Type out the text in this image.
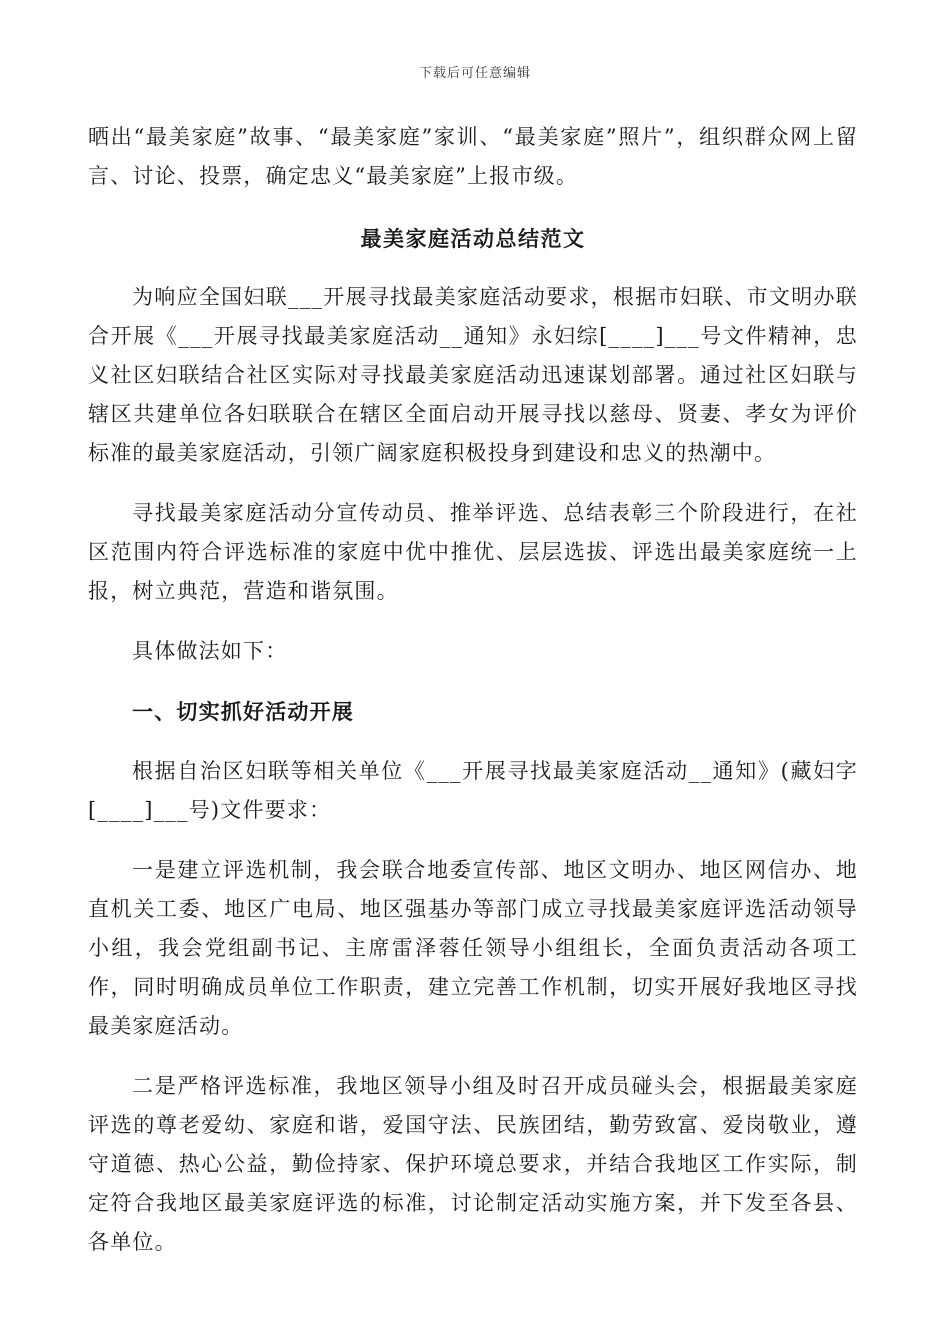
下载后可任意编辑

晒出“最美家庭”故事、“最美家庭”家训、“最美家庭”照片”，组织群众网上留言、讨论、投票，确定忠义“最美家庭”上报市级。

最美家庭活动总结范文

为响应全国妇联___开展寻找最美家庭活动要求，根据市妇联、市文明办联合开展《___开展寻找最美家庭活动__通知》永妇综[____]___号文件精神，忠义社区妇联结合社区实际对寻找最美家庭活动迅速谋划部署。通过社区妇联与辖区共建单位各妇联联合在辖区全面启动开展寻找以慈母、贤妻、孝女为评价标准的最美家庭活动，引领广阔家庭积极投身到建设和忠义的热潮中。

寻找最美家庭活动分宣传动员、推举评选、总结表彰三个阶段进行，在社区范围内符合评选标准的家庭中优中推优、层层选拔、评选出最美家庭统一上报，树立典范，营造和谐氛围。

具体做法如下：

一、切实抓好活动开展

根据自治区妇联等相关单位《___开展寻找最美家庭活动__通知》(藏妇字[____]___号)文件要求：

一是建立评选机制，我会联合地委宣传部、地区文明办、地区网信办、地直机关工委、地区广电局、地区强基办等部门成立寻找最美家庭评选活动领导小组，我会党组副书记、主席雷泽蓉任领导小组组长，全面负责活动各项工作，同时明确成员单位工作职责，建立完善工作机制，切实开展好我地区寻找最美家庭活动。

二是严格评选标准，我地区领导小组及时召开成员碰头会，根据最美家庭评选的尊老爱幼、家庭和谐，爱国守法、民族团结，勤劳致富、爱岗敬业，遵守道德、热心公益，勤俭持家、保护环境总要求，并结合我地区工作实际，制定符合我地区最美家庭评选的标准，讨论制定活动实施方案，并下发至各县、各单位。
